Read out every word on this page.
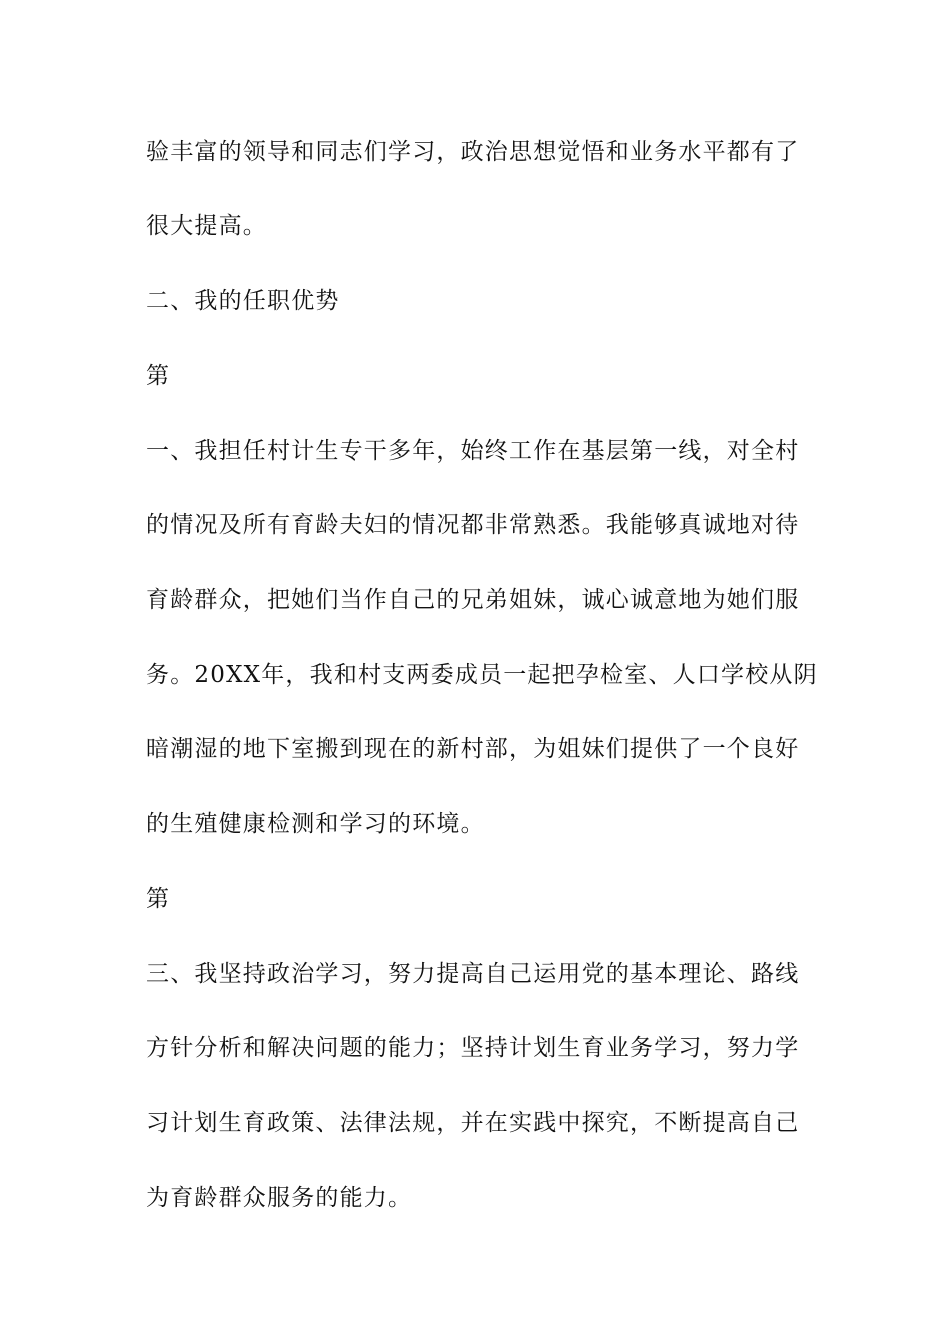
验丰富的领导和同志们学习，政治思想觉悟和业务水平都有了
很大提高。
二、我的任职优势
第
一、我担任村计生专干多年，始终工作在基层第一线，对全村
的情况及所有育龄夫妇的情况都非常熟悉。我能够真诚地对待
育龄群众，把她们当作自己的兄弟姐妹，诚心诚意地为她们服
务。20XX年，我和村支两委成员一起把孕检室、人口学校从阴
暗潮湿的地下室搬到现在的新村部，为姐妹们提供了一个良好
的生殖健康检测和学习的环境。
第
三、我坚持政治学习，努力提高自己运用党的基本理论、路线
方针分析和解决问题的能力；坚持计划生育业务学习，努力学
习计划生育政策、法律法规，并在实践中探究，不断提高自己
为育龄群众服务的能力。
